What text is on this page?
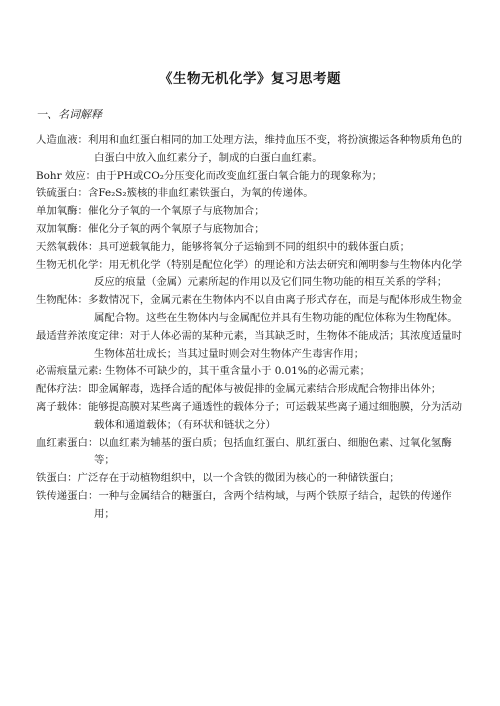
《生物无机化学》复习思考题
一、名词解释

人造血液：利用和血红蛋白相同的加工处理方法，维持血压不变，将扮演搬运各种物质角色的白蛋白中放入血红素分子，制成的白蛋白血红素。

Bohr 效应：由于PH或CO₂分压变化而改变血红蛋白氧合能力的现象称为；

铁硫蛋白：含Fe₂S₂簇核的非血红素铁蛋白，为氧的传递体。

单加氧酶：催化分子氧的一个氧原子与底物加合；

双加氧酶：催化分子氧的两个氧原子与底物加合；

天然氧载体：具可逆载氧能力，能够将氧分子运输到不同的组织中的载体蛋白质；

生物无机化学：用无机化学（特别是配位化学）的理论和方法去研究和阐明参与生物体内化学反应的痕量（金属）元素所起的作用以及它们同生物功能的相互关系的学科；

生物配体：多数情况下，金属元素在生物体内不以自由离子形式存在，而是与配体形成生物金属配合物。这些在生物体内与金属配位并具有生物功能的配位体称为生物配体。

最适营养浓度定律：对于人体必需的某种元素，当其缺乏时，生物体不能成活；其浓度适量时生物体茁壮成长；当其过量时则会对生物体产生毒害作用；

必需痕量元素: 生物体不可缺少的，其干重含量小于 0.01%的必需元素；

配体疗法：即金属解毒，选择合适的配体与被促排的金属元素结合形成配合物排出体外；

离子载体：能够提高膜对某些离子通透性的载体分子；可运载某些离子通过细胞膜，分为活动载体和通道载体；（有环状和链状之分）

血红素蛋白：以血红素为辅基的蛋白质；包括血红蛋白、肌红蛋白、细胞色素、过氧化氢酶等；

铁蛋白：广泛存在于动植物组织中，以一个含铁的微团为核心的一种储铁蛋白；

铁传递蛋白：一种与金属结合的糖蛋白，含两个结构域，与两个铁原子结合，起铁的传递作用；
